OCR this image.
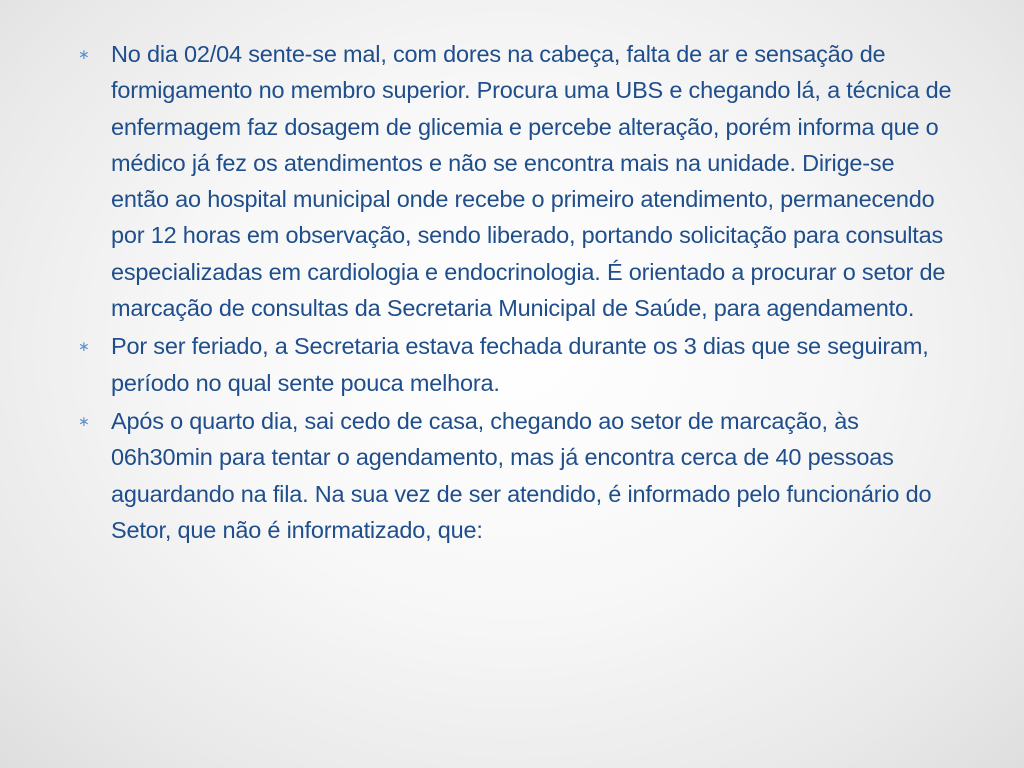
∗ No dia 02/04 sente-se mal, com dores na cabeça, falta de ar e sensação de formigamento no membro superior. Procura uma UBS e chegando lá, a técnica de enfermagem faz dosagem de glicemia e percebe alteração, porém informa que o médico já fez os atendimentos e não se encontra mais na unidade. Dirige-se então ao hospital municipal onde recebe o primeiro atendimento, permanecendo por 12 horas em observação, sendo liberado, portando solicitação para consultas especializadas em cardiologia e endocrinologia. É orientado a procurar o setor de marcação de consultas da Secretaria Municipal de Saúde, para agendamento.

∗ Por ser feriado, a Secretaria estava fechada durante os 3 dias que se seguiram, período no qual sente pouca melhora.

∗ Após o quarto dia, sai cedo de casa, chegando ao setor de marcação, às 06h30min para tentar o agendamento, mas já encontra cerca de 40 pessoas aguardando na fila. Na sua vez de ser atendido, é informado pelo funcionário do Setor, que não é informatizado, que:
